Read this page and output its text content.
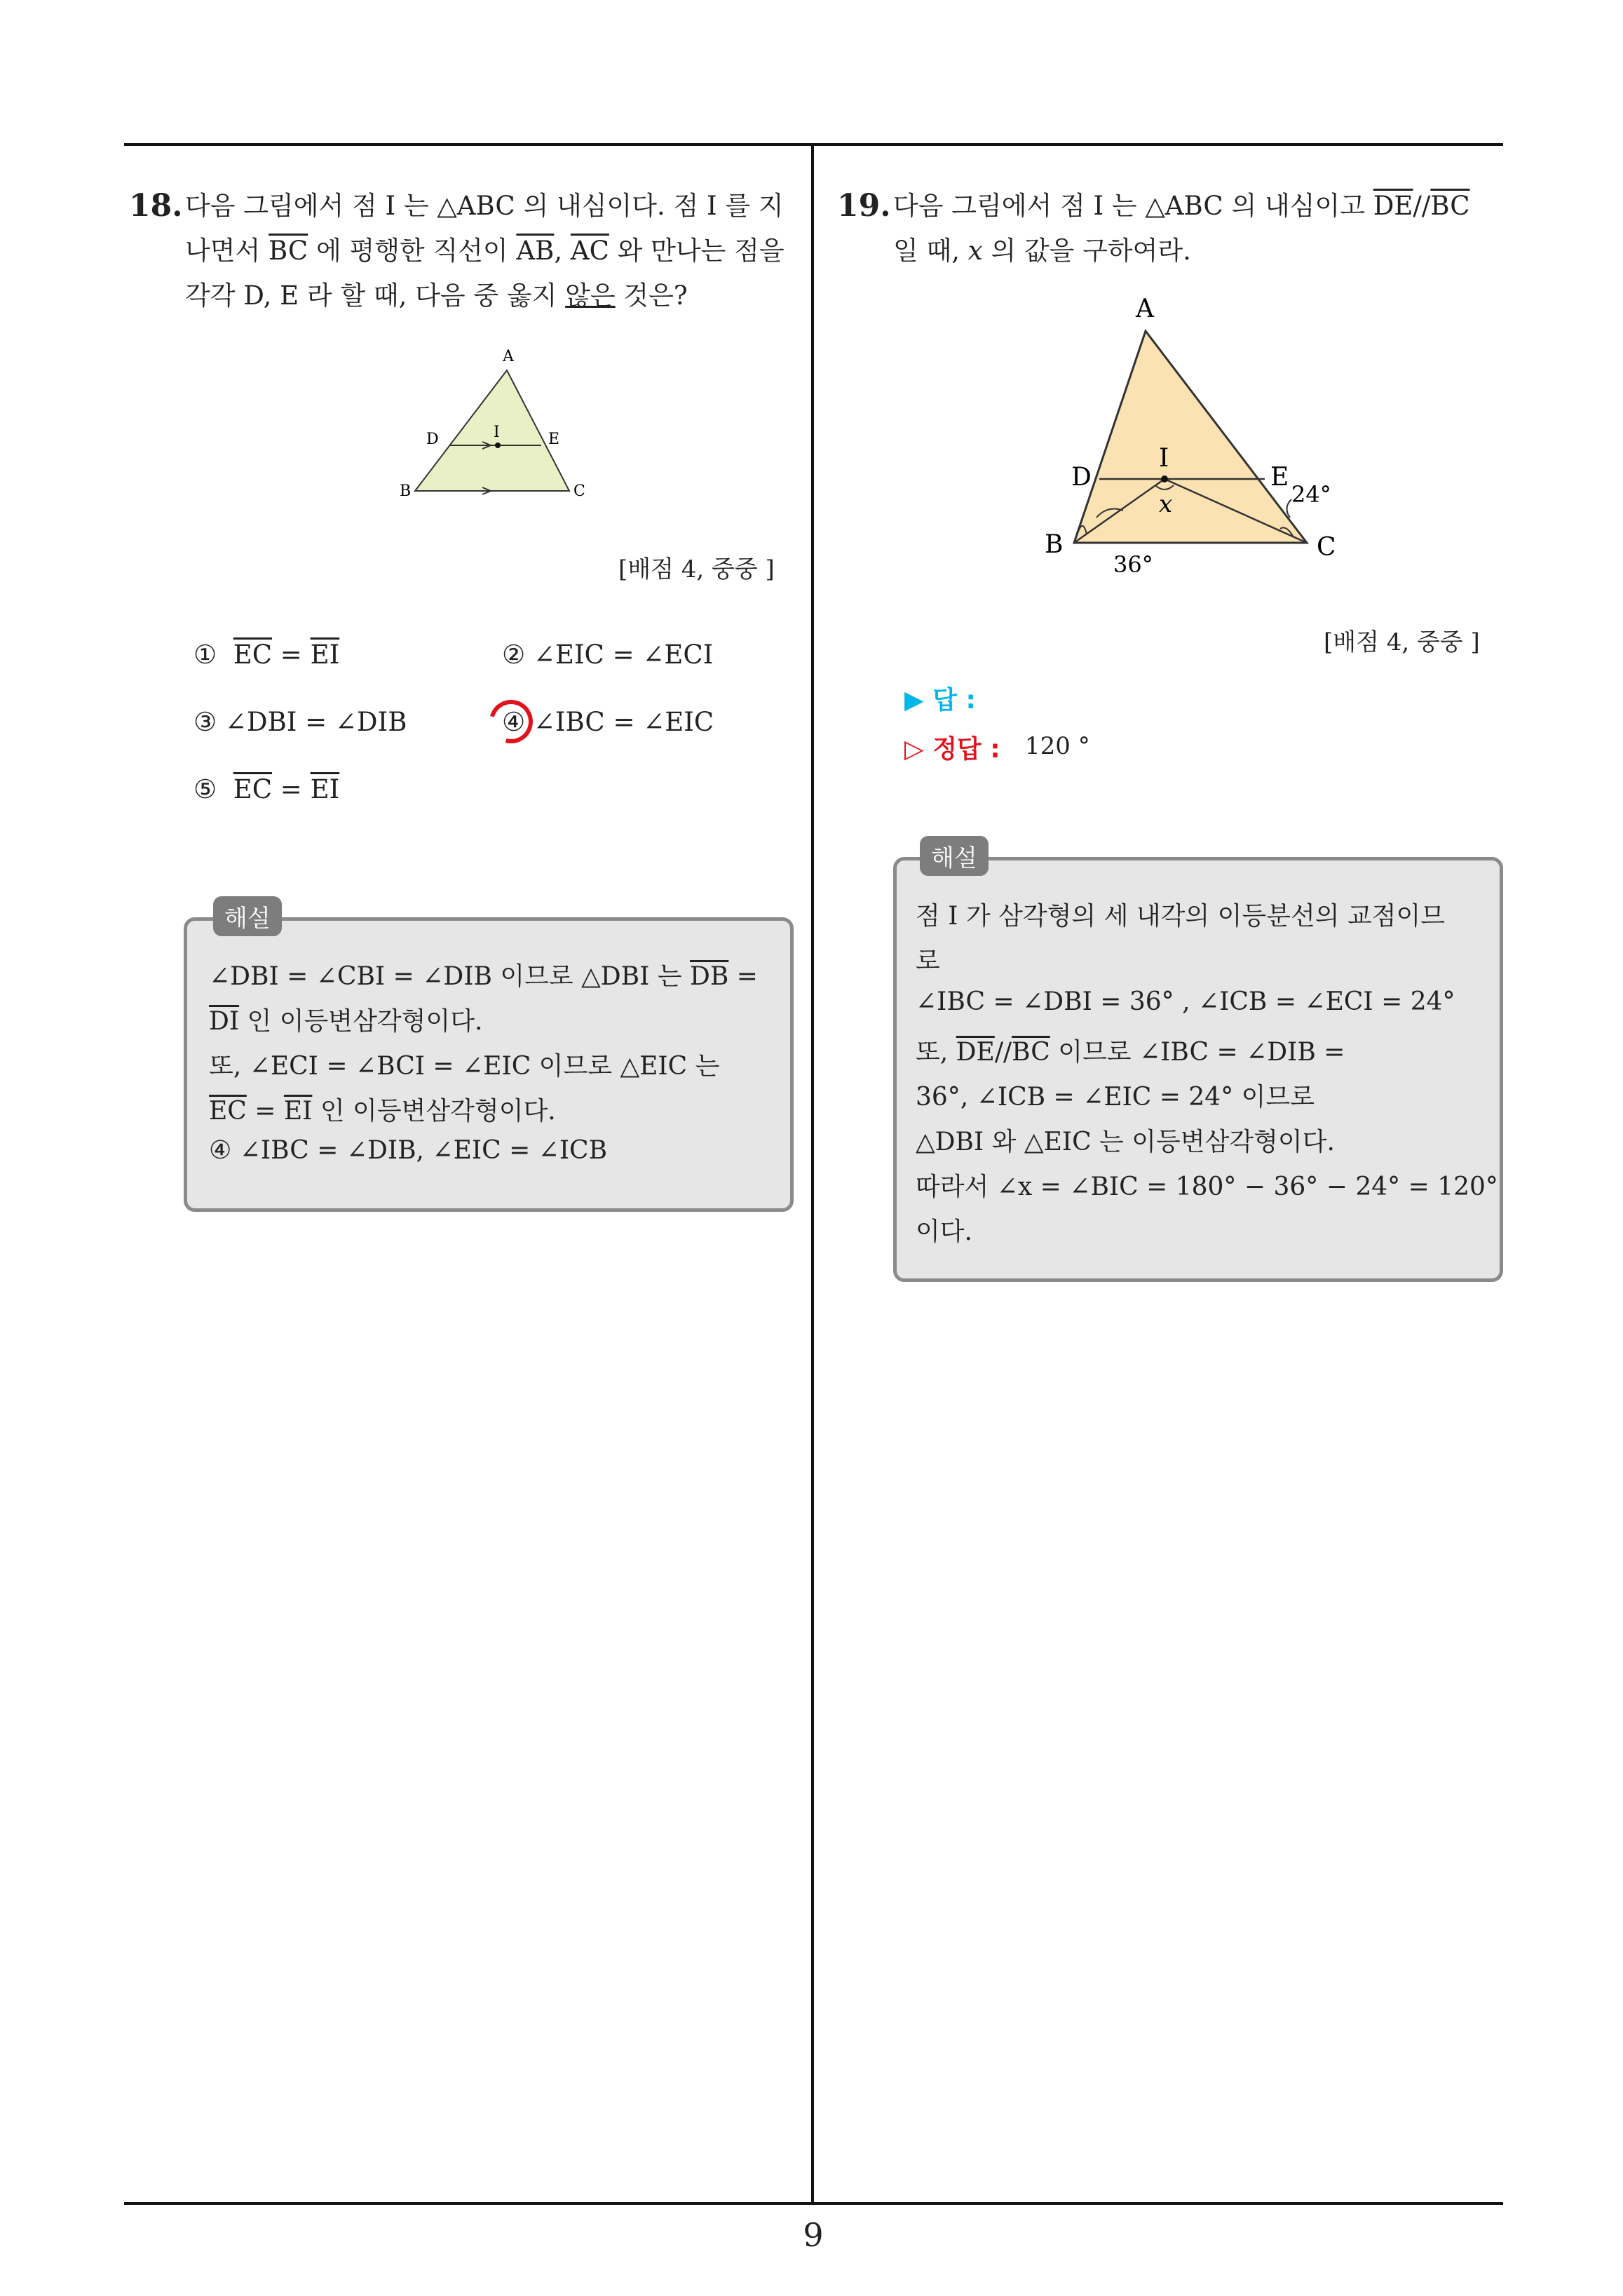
18. 다음 그림에서 점 I 는 △ABC 의 내심이다. 점 I 를 지
나면서 $\overline{BC}$ 에 평행한 직선이 $\overline{AB}$, $\overline{AC}$ 와 만나는 점을
각각 D, E 라 할 때, 다음 중 옳지 않은 것은?
A
D	E
I
B	C
[배점 4, 중중 ]
① $\overline{EC} = \overline{EI}$	② ∠EIC = ∠ECI
③ ∠DBI = ∠DIB	④ ∠IBC = ∠EIC
⑤ $\overline{EC} = \overline{EI}$
해설
∠DBI = ∠CBI = ∠DIB 이므로 △DBI 는 $\overline{DB}$ =
$\overline{DI}$ 인 이등변삼각형이다.
또, ∠ECI = ∠BCI = ∠EIC 이므로 △EIC 는
$\overline{EC} = \overline{EI}$ 인 이등변삼각형이다.
④ ∠IBC = ∠DIB, ∠EIC = ∠ICB
19. 다음 그림에서 점 I 는 △ABC 의 내심이고 $\overline{DE}//\overline{BC}$
일 때, x 의 값을 구하여라.
A
D
I
E
x	24°
B	C
36°
[배점 4, 중중 ]
▶ 답 :
▷ 정답 : 120 °
해설
점 I 가 삼각형의 세 내각의 이등분선의 교점이므
로
∠IBC = ∠DBI = 36° , ∠ICB = ∠ECI = 24°
또, $\overline{DE}//\overline{BC}$ 이므로 ∠IBC = ∠DIB =
36°, ∠ICB = ∠EIC = 24° 이므로
△DBI 와 △EIC 는 이등변삼각형이다.
따라서 ∠x = ∠BIC = 180° − 36° − 24° = 120°
이다.
9
